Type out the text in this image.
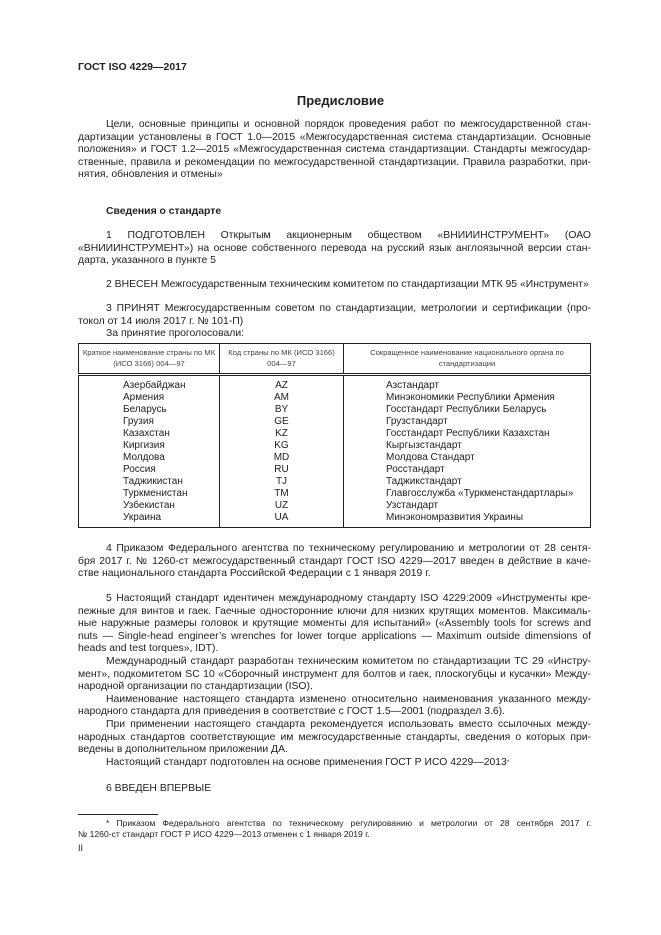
ГОСТ ISO 4229—2017
Предисловие
Цели, основные принципы и основной порядок проведения работ по межгосударственной стан-
дартизации установлены в ГОСТ 1.0—2015 «Межгосударственная система стандартизации. Основные
положения» и ГОСТ 1.2—2015 «Межгосударственная система стандартизации. Стандарты межгосудар-
ственные, правила и рекомендации по межгосударственной стандартизации. Правила разработки, при-
нятия, обновления и отмены»
Сведения о стандарте
1 ПОДГОТОВЛЕН Открытым акционерным обществом «ВНИИИНСТРУМЕНТ» (ОАО
«ВНИИИНСТРУМЕНТ») на основе собственного перевода на русский язык англоязычной версии стан-
дарта, указанного в пункте 5
2 ВНЕСЕН Межгосударственным техническим комитетом по стандартизации МТК 95 «Инструмент»
3 ПРИНЯТ Межгосударственным советом по стандартизации, метрологии и сертификации (про-
токол от 14 июля 2017 г. № 101-П)
За принятие проголосовали:
Краткое наименование страны по МК (ИСО 3166) 004—97	Код страны по МК (ИСО 3166) 004—97	Сокращенное наименование национального органа по стандартизации
Азербайджан	AZ	Азстандарт
Армения	AM	Минэкономики Республики Армения
Беларусь	BY	Госстандарт Республики Беларусь
Грузия	GE	Грузстандарт
Казахстан	KZ	Госстандарт Республики Казахстан
Киргизия	KG	Кыргызстандарт
Молдова	MD	Молдова Стандарт
Россия	RU	Росстандарт
Таджикистан	TJ	Таджикстандарт
Туркменистан	TM	Главгосслужба «Туркменстандартлары»
Узбекистан	UZ	Узстандарт
Украина	UA	Минэкономразвития Украины
4 Приказом Федерального агентства по техническому регулированию и метрологии от 28 сентя-
бря 2017 г. № 1260-ст межгосударственный стандарт ГОСТ ISO 4229—2017 введен в действие в каче-
стве национального стандарта Российской Федерации с 1 января 2019 г.
5 Настоящий стандарт идентичен международному стандарту ISO 4229:2009 «Инструменты кре-
пежные для винтов и гаек. Гаечные односторонние ключи для низких крутящих моментов. Максималь-
ные наружные размеры головок и крутящие моменты для испытаний» («Assembly tools for screws and
nuts — Single-head engineer’s wrenches for lower torque applications — Maximum outside dimensions of
heads and test torques», IDT).
Международный стандарт разработан техническим комитетом по стандартизации ТС 29 «Инстру-
мент», подкомитетом SC 10 «Сборочный инструмент для болтов и гаек, плоскогубцы и кусачки» Между-
народной организации по стандартизации (ISO).
Наименование настоящего стандарта изменено относительно наименования указанного между-
народного стандарта для приведения в соответствие с ГОСТ 1.5—2001 (подраздел 3.6).
При применении настоящего стандарта рекомендуется использовать вместо ссылочных между-
народных стандартов соответствующие им межгосударственные стандарты, сведения о которых при-
ведены в дополнительном приложении ДА.
Настоящий стандарт подготовлен на основе применения ГОСТ Р ИСО 4229—2013*
6 ВВЕДЕН ВПЕРВЫЕ
* Приказом Федерального агентства по техническому регулированию и метрологии от 28 сентября 2017 г.
№ 1260-ст стандарт ГОСТ Р ИСО 4229—2013 отменен с 1 января 2019 г.
II
